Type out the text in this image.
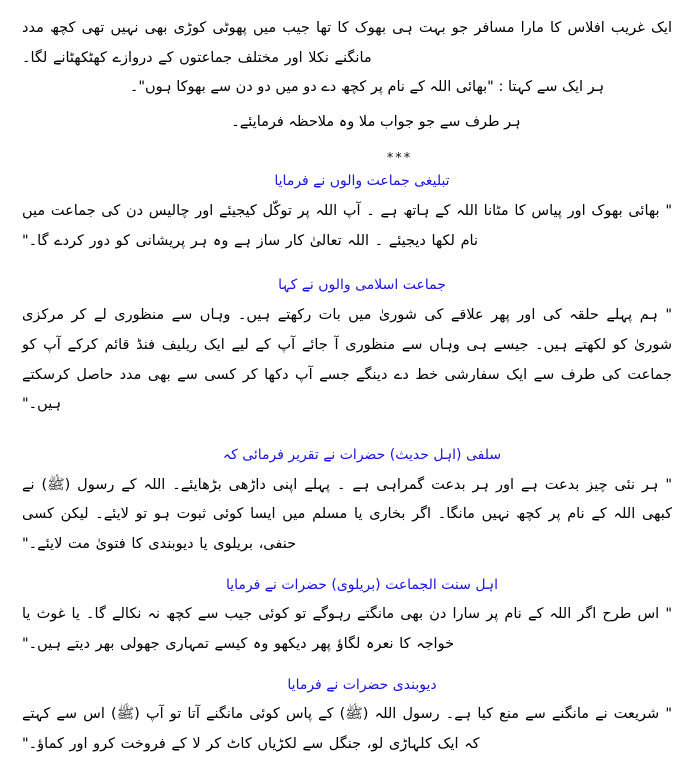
ایک غریب افلاس کا مارا مسافر جو بہت ہی بھوک کا تھا جیب میں پھوٹی کوڑی بھی نہیں تھی کچھ مدد مانگنے نکلا اور مختلف جماعتوں کے دروازے کھٹکھٹانے لگا۔

ہر ایک سے کہتا : "بھائی اللہ کے نام پر کچھ دے دو میں دو دن سے بھوکا ہوں"۔

ہر طرف سے جو جواب ملا وہ ملاحظہ فرمایئے۔

***
تبلیغی جماعت والوں نے فرمایا

" بھائی بھوک اور پیاس کا مٹانا اللہ کے ہاتھ ہے ۔ آپ اللہ پر توکّل کیجیئے اور چالیس دن کی جماعت میں نام لکھا دیجیئے ۔ اللہ تعالیٰ کار ساز ہے وہ ہر پریشانی کو دور کردے گا۔"

جماعت اسلامی والوں نے کہا

" ہم پہلے حلقہ کی اور پھر علاقے کی شوریٰ میں بات رکھتے ہیں۔ وہاں سے منظوری لے کر مرکزی شوریٰ کو لکھتے ہیں۔ جیسے ہی وہاں سے منظوری آ جائے آپ کے لیے ایک ریلیف فنڈ قائم کرکے آپ کو جماعت کی طرف سے ایک سفارشی خط دے دینگے جسے آپ دکھا کر کسی سے بھی مدد حاصل کرسکتے ہیں۔"

سلفی (اہل حدیث) حضرات نے تقریر فرمائی کہ

" ہر نئی چیز بدعت ہے اور ہر بدعت گمراہی ہے ۔ پہلے اپنی داڑھی بڑھایئے۔ اللہ کے رسول (ﷺ) نے کبھی اللہ کے نام پر کچھ نہیں مانگا۔ اگر بخاری یا مسلم میں ایسا کوئی ثبوت ہو تو لایئے۔ لیکن کسی حنفی، بریلوی یا دیوبندی کا فتویٰ مت لایئے۔"

اہل سنت الجماعت (بریلوی) حضرات نے فرمایا

" اس طرح اگر اللہ کے نام پر سارا دن بھی مانگتے رہوگے تو کوئی جیب سے کچھ نہ نکالے گا۔ یا غوث یا خواجہ کا نعرہ لگاؤ پھر دیکھو وہ کیسے تمہاری جھولی بھر دیتے ہیں۔"

دیوبندی حضرات نے فرمایا

" شریعت نے مانگنے سے منع کیا ہے۔ رسول اللہ (ﷺ) کے پاس کوئی مانگنے آتا تو آپ (ﷺ) اس سے کہتے کہ ایک کلہاڑی لو، جنگل سے لکڑیاں کاٹ کر لا کے فروخت کرو اور کماؤ۔"
